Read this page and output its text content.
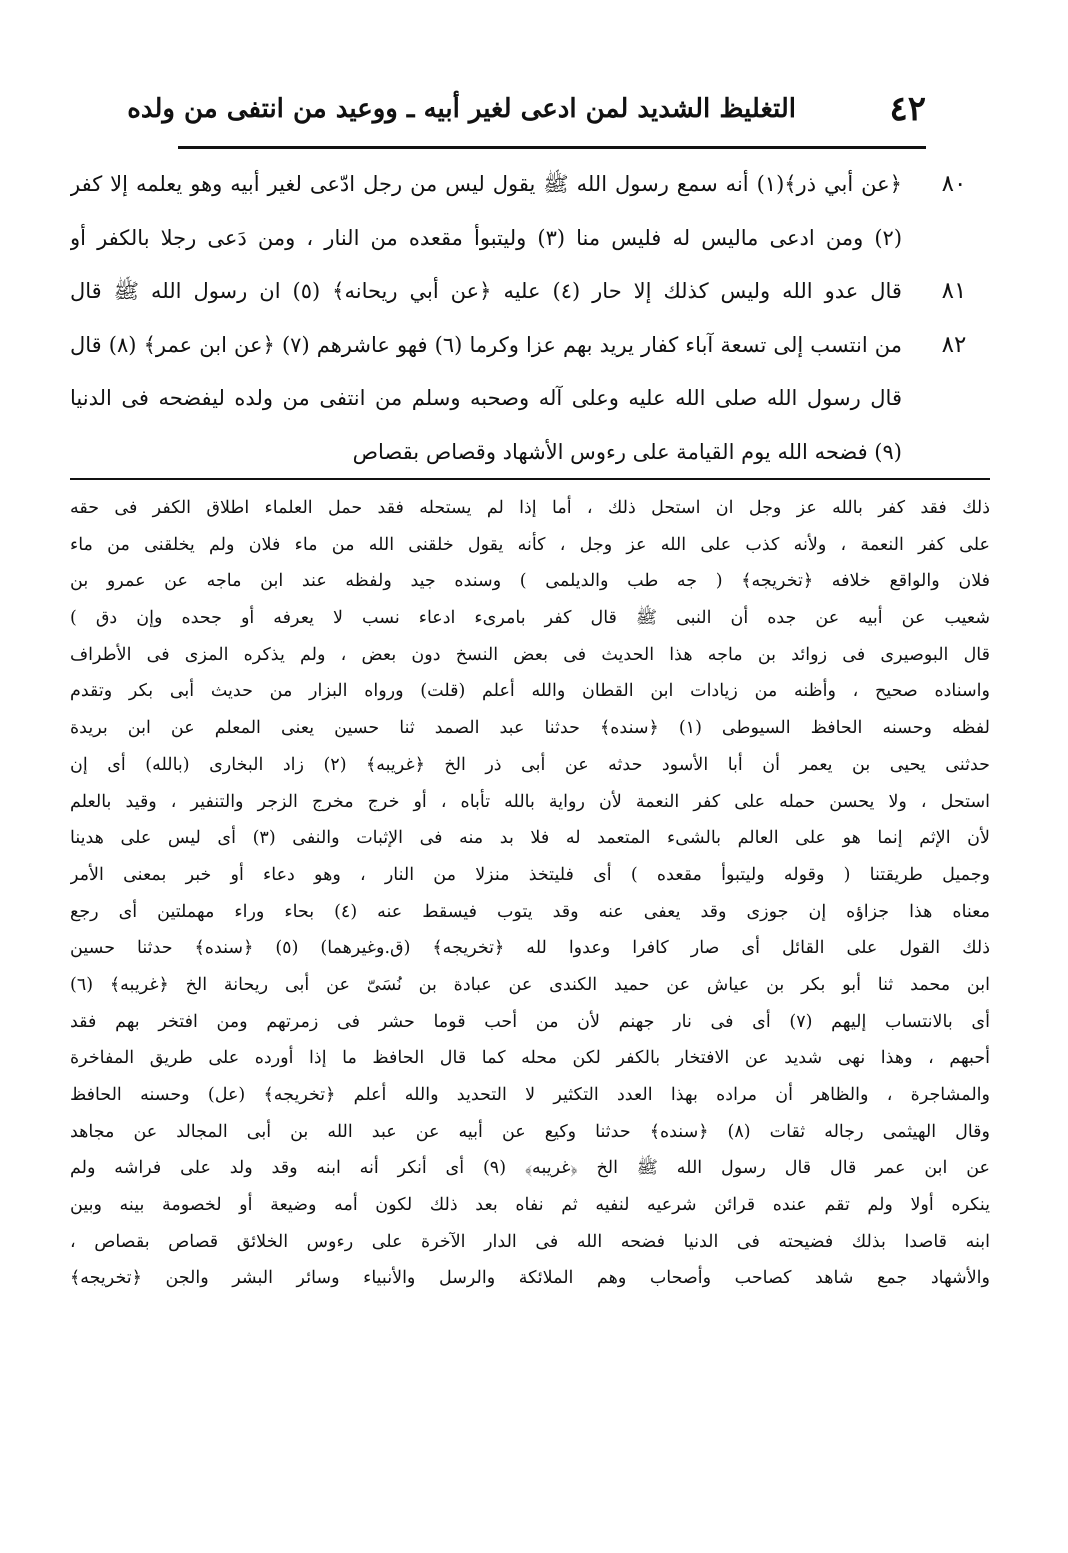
٤٢
التغليظ الشديد لمن ادعى لغير أبيه ـ ووعيد من انتفى من ولده
٨٠
﴿عن أبي ذر﴾(١) أنه سمع رسول الله ﷺ يقول ليس من رجل ادّعى لغير أبيه وهو يعلمه إلا كفر
(٢) ومن ادعى ماليس له فليس منا (٣) وليتبوأ مقعده من النار ، ومن دَعى رجلا بالكفر أو
٨١
قال عدو الله وليس كذلك إلا حار (٤) عليه ﴿عن أبي ريحانه﴾ (٥) ان رسول الله ﷺ قال
٨٢
من انتسب إلى تسعة آباء كفار يريد بهم عزا وكرما (٦) فهو عاشرهم (٧) ﴿عن ابن عمر﴾ (٨) قال
قال رسول الله صلى الله عليه وعلى آله وصحبه وسلم من انتفى من ولده ليفضحه فى الدنيا
(٩) فضحه الله يوم القيامة على رءوس الأشهاد وقصاص بقصاص
ذلك فقد كفر بالله عز وجل ان استحل ذلك ، أما إذا لم يستحله فقد حمل العلماء اطلاق الكفر فى حقه
على كفر النعمة ، ولأنه كذب على الله عز وجل ، كأنه يقول خلقنى الله من ماء فلان ولم يخلقنى من ماء
فلان والواقع خلافه ﴿تخريجه﴾ ( جه طب والديلمى ) وسنده جيد ولفظه عند ابن ماجه عن عمرو بن
شعيب عن أبيه عن جده أن النبى ﷺ قال كفر بامرىء ادعاء نسب لا يعرفه أو جحده وإن دق )
قال البوصيرى فى زوائد بن ماجه هذا الحديث فى بعض النسخ دون بعض ، ولم يذكره المزى فى الأطراف
واسناده صحيح ، وأظنه من زيادات ابن القطان والله أعلم (قلت) ورواه البزار من حديث أبى بكر وتقدم
لفظه وحسنه الحافظ السيوطى (١) ﴿سنده﴾ حدثنا عبد الصمد ثنا حسين يعنى المعلم عن ابن بريدة
حدثنى يحيى بن يعمر أن أبا الأسود حدثه عن أبى ذر الخ ﴿غريبه﴾ (٢) زاد البخارى (بالله) أى إن
استحل ، ولا يحسن حمله على كفر النعمة لأن رواية بالله تأباه ، أو خرج مخرج الزجر والتنفير ، وقيد بالعلم
لأن الإثم إنما هو على العالم بالشىء المتعمد له فلا بد منه فى الإثبات والنفى (٣) أى ليس على هدينا
وجميل طريقتنا ( وقوله وليتبوأ مقعده ) أى فليتخذ منزلا من النار ، وهو دعاء أو خبر بمعنى الأمر
معناه هذا جزاؤه إن جوزى وقد يعفى عنه وقد يتوب فيسقط عنه (٤) بحاء وراء مهملتين أى رجع
ذلك القول على القائل أى صار كافرا وعدوا لله ﴿تخريجه﴾ (ق.وغيرهما) (٥) ﴿سنده﴾ حدثنا حسين
ابن محمد ثنا أبو بكر بن عياش عن حميد الكندى عن عبادة بن نُسَىّ عن أبى ريحانة الخ ﴿غريبه﴾ (٦)
أى بالانتساب إليهم (٧) أى فى نار جهنم لأن من أحب قوما حشر فى زمرتهم ومن افتخر بهم فقد
أحبهم ، وهذا نهى شديد عن الافتخار بالكفر لكن محله كما قال الحافظ ما إذا أورده على طريق المفاخرة
والمشاجرة ، والظاهر أن مراده بهذا العدد التكثير لا التحديد والله أعلم ﴿تخريجه﴾ (عل) وحسنه الحافظ
وقال الهيثمى رجاله ثقات (٨) ﴿سنده﴾ حدثنا وكيع عن أبيه عن عبد الله بن أبى المجالد عن مجاهد
عن ابن عمر قال قال رسول الله ﷺ الخ ﴿غريبه﴾ (٩) أى أنكر أنه ابنه وقد ولد على فراشه ولم
ينكره أولا ولم تقم عنده قرائن شرعيه لنفيه ثم نفاه بعد ذلك لكون أمه وضيعة أو لخصومة بينه وبين
ابنه قاصدا بذلك فضيحته فى الدنيا فضحه الله فى الدار الآخرة على رءوس الخلائق قصاص بقصاص ،
والأشهاد جمع شاهد كصاحب وأصحاب وهم الملائكة والرسل والأنبياء وسائر البشر والجن ﴿تخريجه﴾
